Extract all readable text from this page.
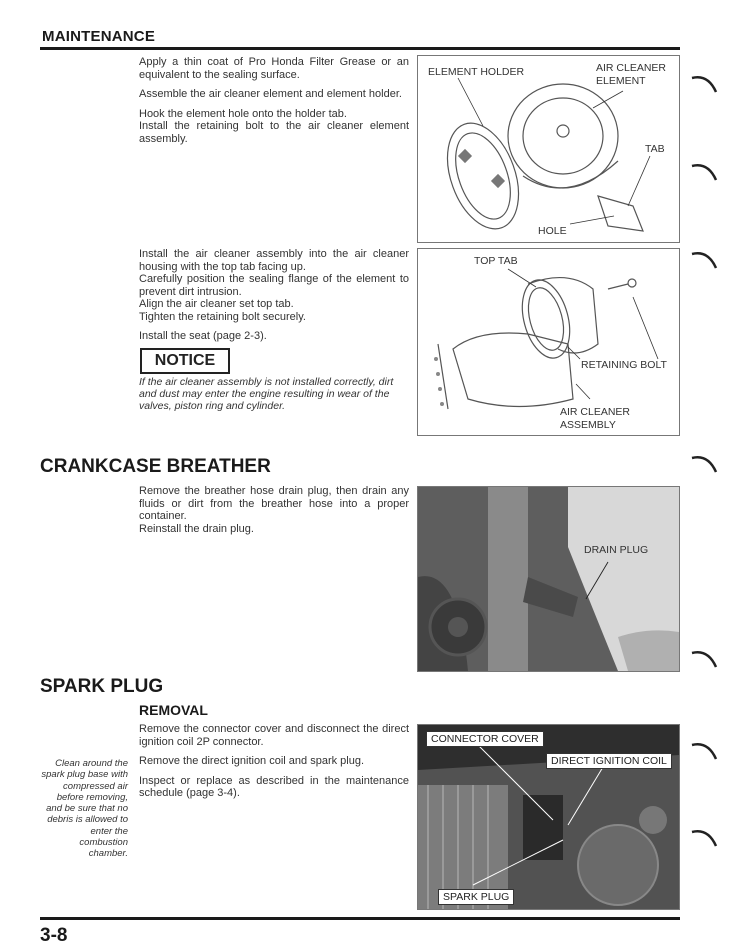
MAINTENANCE

Apply a thin coat of Pro Honda Filter Grease or an equivalent to the sealing surface.

Assemble the air cleaner element and element holder.

Hook the element hole onto the holder tab.
Install the retaining bolt to the air cleaner element assembly.

ELEMENT HOLDER	AIR CLEANER
ELEMENT
TAB
HOLE

Install the air cleaner assembly into the air cleaner housing with the top tab facing up.
Carefully position the sealing flange of the element to prevent dirt intrusion.
Align the air cleaner set top tab.
Tighten the retaining bolt securely.

Install the seat (page 2-3).

NOTICE
If the air cleaner assembly is not installed correctly, dirt and dust may enter the engine resulting in wear of the valves, piston ring and cylinder.
TOP TAB
RETAINING BOLT
AIR CLEANER
ASSEMBLY
CRANKCASE BREATHER
Remove the breather hose drain plug, then drain any fluids or dirt from the breather hose into a proper container.
Reinstall the drain plug.
DRAIN PLUG
SPARK PLUG
REMOVAL

Remove the connector cover and disconnect the direct ignition coil 2P connector.

Remove the direct ignition coil and spark plug.

Inspect or replace as described in the maintenance schedule (page 3-4).

Clean around the spark plug base with compressed air before removing, and be sure that no debris is allowed to enter the combustion chamber.
CONNECTOR COVER
DIRECT IGNITION COIL
SPARK PLUG
3-8
